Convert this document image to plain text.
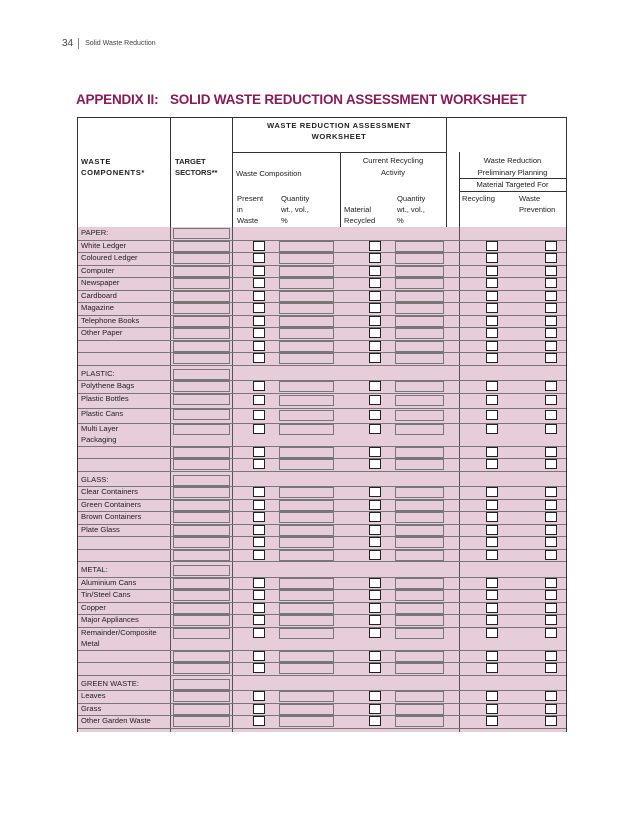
34 Solid Waste Reduction
APPENDIX II: SOLID WASTE REDUCTION ASSESSMENT WORKSHEET
WASTE REDUCTION ASSESSMENT
WORKSHEET
WASTE
COMPONENTS*
TARGET
SECTORS** Waste Composition
Current Recycling
Activity
Waste Reduction
Preliminary Planning
Material Targeted For
Present
in
Waste
Quantity
wt., vol.,
%
Material
Recycled
Quantity
wt., vol.,
%
Recycling	Waste
Prevention
PAPER:
White Ledger
Coloured Ledger
Computer
Newspaper
Cardboard
Magazine
Telephone Books
Other Paper
PLASTIC:
Polythene Bags
Plastic Bottles
Plastic Cans
Multi Layer
Packaging
GLASS:
Clear Containers
Green Containers
Brown Containers
Plate Glass
METAL:
Aluminium Cans
Tin/Steel Cans
Copper
Major Appliances
Remainder/Composite
Metal
GREEN WASTE:
Leaves
Grass
Other Garden Waste
